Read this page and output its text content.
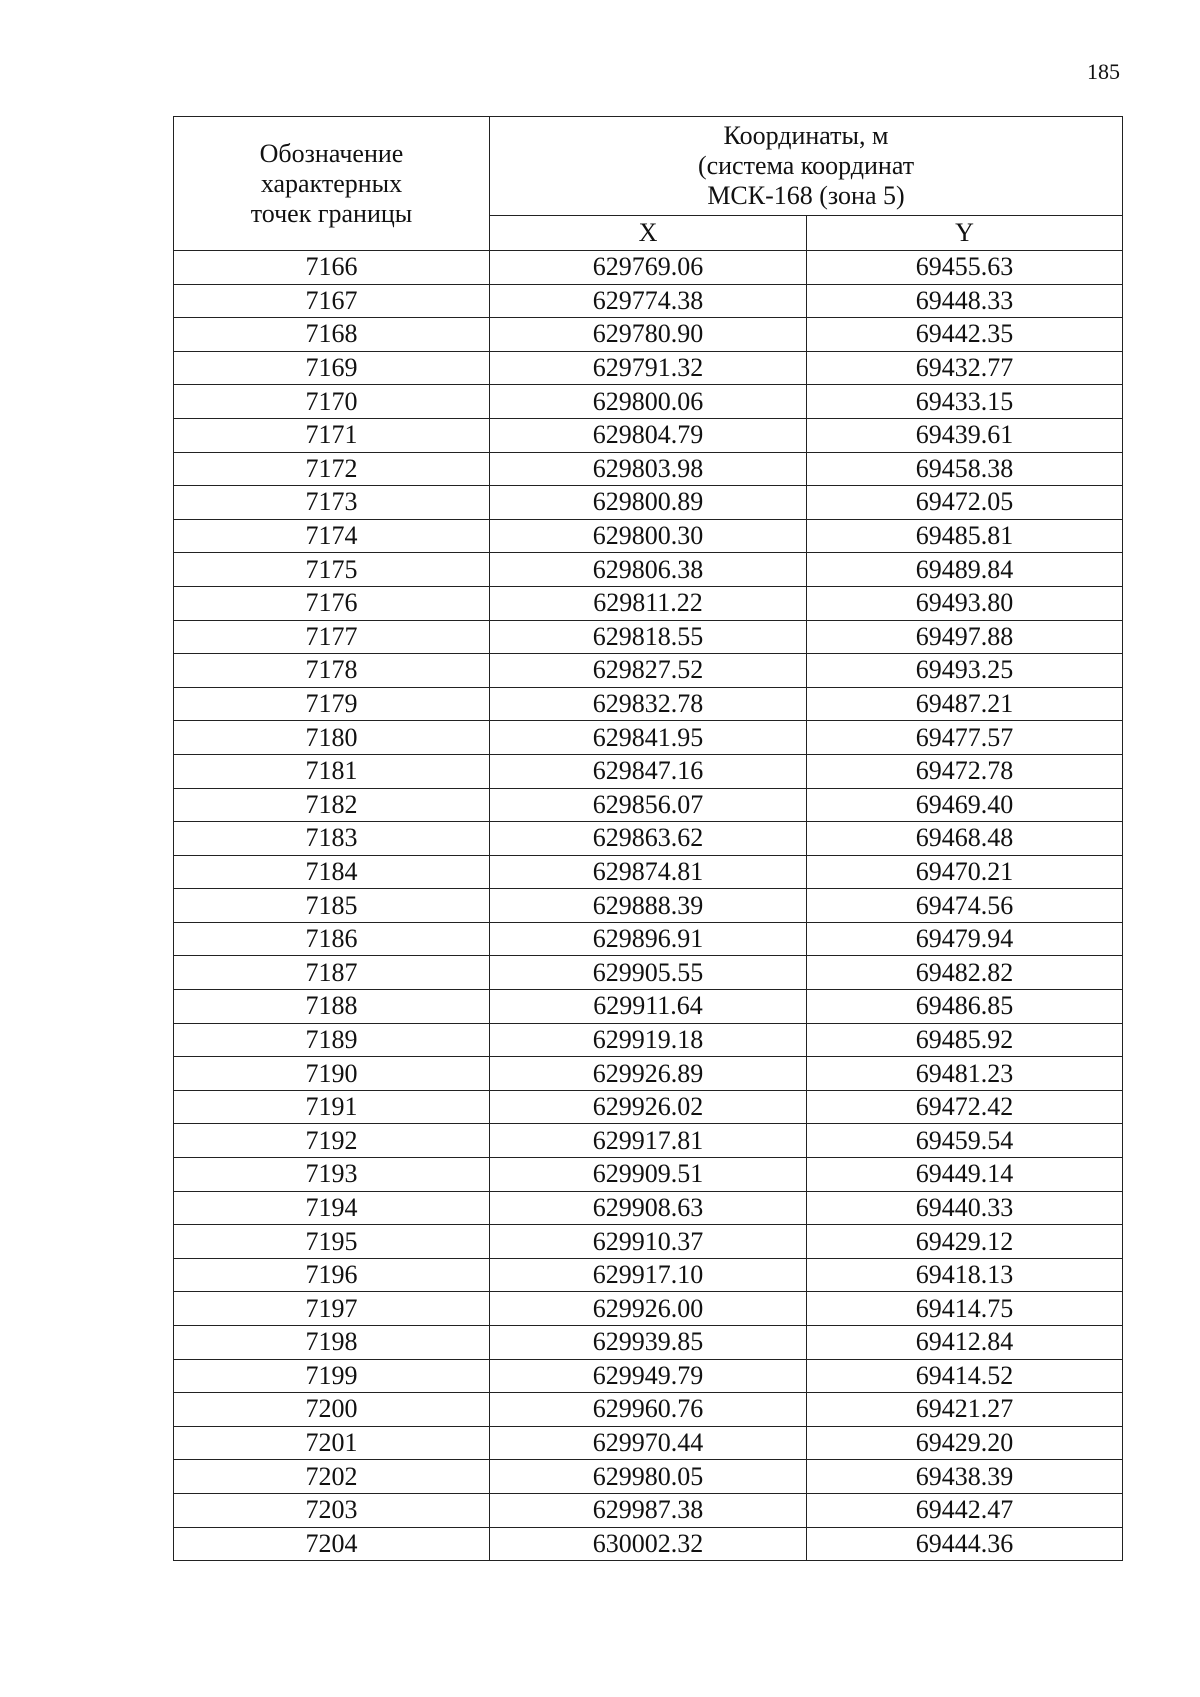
185
Обозначение
характерных
точек границы	Координаты, м
(система координат
МСК-168 (зона 5)	

	X	Y
7166	629769.06	69455.63
7167	629774.38	69448.33
7168	629780.90	69442.35
7169	629791.32	69432.77
7170	629800.06	69433.15
7171	629804.79	69439.61
7172	629803.98	69458.38
7173	629800.89	69472.05
7174	629800.30	69485.81
7175	629806.38	69489.84
7176	629811.22	69493.80
7177	629818.55	69497.88
7178	629827.52	69493.25
7179	629832.78	69487.21
7180	629841.95	69477.57
7181	629847.16	69472.78
7182	629856.07	69469.40
7183	629863.62	69468.48
7184	629874.81	69470.21
7185	629888.39	69474.56
7186	629896.91	69479.94
7187	629905.55	69482.82
7188	629911.64	69486.85
7189	629919.18	69485.92
7190	629926.89	69481.23
7191	629926.02	69472.42
7192	629917.81	69459.54
7193	629909.51	69449.14
7194	629908.63	69440.33
7195	629910.37	69429.12
7196	629917.10	69418.13
7197	629926.00	69414.75
7198	629939.85	69412.84
7199	629949.79	69414.52
7200	629960.76	69421.27
7201	629970.44	69429.20
7202	629980.05	69438.39
7203	629987.38	69442.47
7204	630002.32	69444.36
